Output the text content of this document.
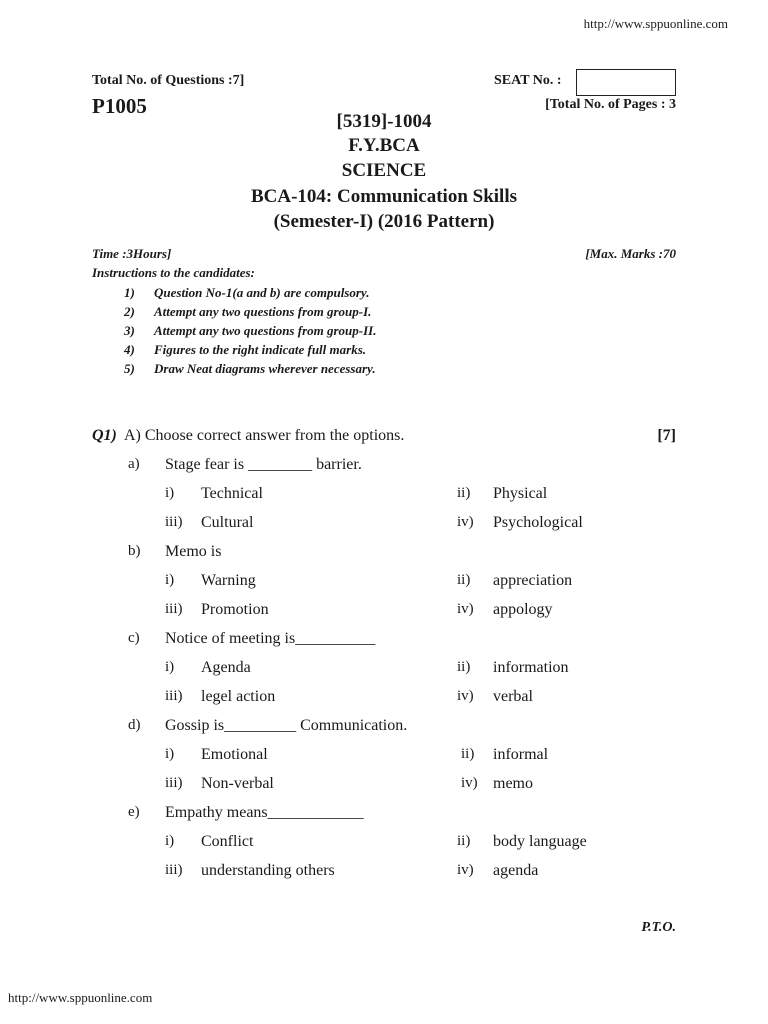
http://www.sppuonline.com
Total No. of Questions :7]	SEAT No. :
P1005	[Total No. of Pages : 3
[5319]-1004
F.Y.BCA
SCIENCE
BCA-104: Communication Skills
(Semester-I) (2016 Pattern)
Time :3Hours]	[Max. Marks :70
Instructions to the candidates:
1)	Question No-1(a and b) are compulsory.
2)	Attempt any two questions from group-I.
3)	Attempt any two questions from group-II.
4)	Figures to the right indicate full marks.
5)	Draw Neat diagrams wherever necessary.
Q1) A) Choose correct answer from the options.	[7]
a) Stage fear is ________ barrier.
i) Technical	ii) Physical
iii) Cultural	iv) Psychological
b) Memo is
i) Warning	ii) appreciation
iii) Promotion	iv) appology
c) Notice of meeting is__________
i) Agenda	ii) information
iii) legel action	iv) verbal
d) Gossip is_________ Communication.
i) Emotional	ii) informal
iii) Non-verbal	iv) memo
e) Empathy means____________
i) Conflict	ii) body language
iii) understanding others	iv) agenda
P.T.O.
http://www.sppuonline.com
